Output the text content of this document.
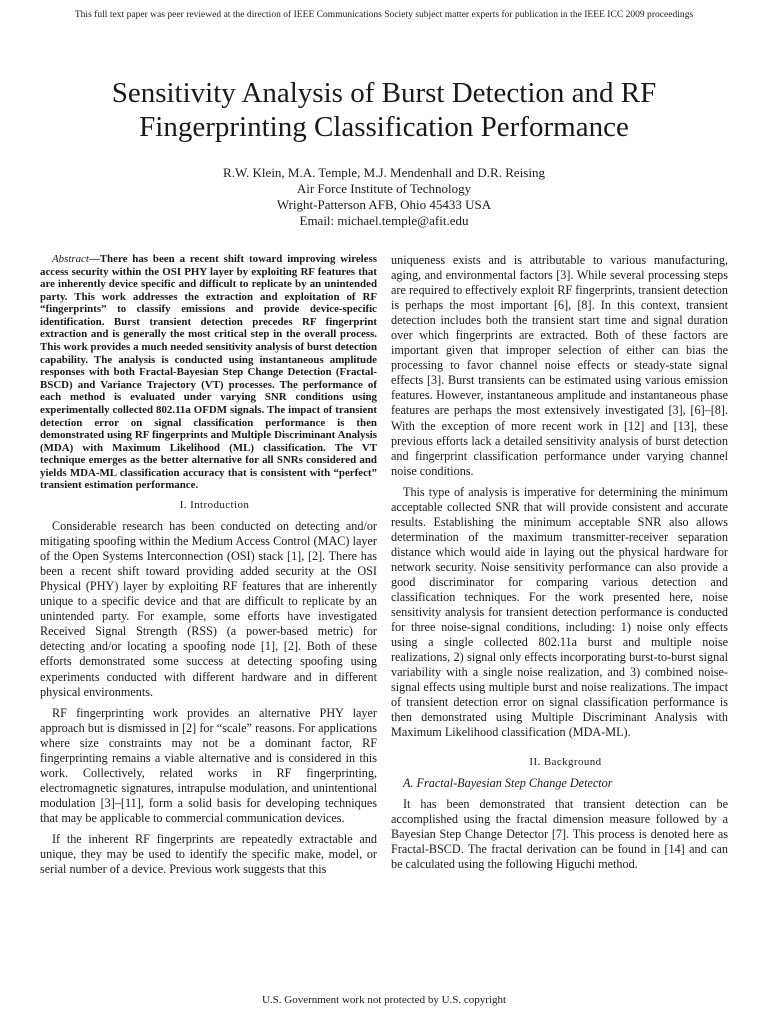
This full text paper was peer reviewed at the direction of IEEE Communications Society subject matter experts for publication in the IEEE ICC 2009 proceedings
Sensitivity Analysis of Burst Detection and RF Fingerprinting Classification Performance
R.W. Klein, M.A. Temple, M.J. Mendenhall and D.R. Reising
Air Force Institute of Technology
Wright-Patterson AFB, Ohio 45433 USA
Email: michael.temple@afit.edu

Abstract—There has been a recent shift toward improving wireless access security within the OSI PHY layer by exploiting RF features that are inherently device specific and difficult to replicate by an unintended party. This work addresses the extraction and exploitation of RF “fingerprints” to classify emissions and provide device-specific identification. Burst transient detection precedes RF fingerprint extraction and is generally the most critical step in the overall process. This work provides a much needed sensitivity analysis of burst detection capability. The analysis is conducted using instantaneous amplitude responses with both Fractal-Bayesian Step Change Detection (Fractal-BSCD) and Variance Trajectory (VT) processes. The performance of each method is evaluated under varying SNR conditions using experimentally collected 802.11a OFDM signals. The impact of transient detection error on signal classification performance is then demonstrated using RF fingerprints and Multiple Discriminant Analysis (MDA) with Maximum Likelihood (ML) classification. The VT technique emerges as the better alternative for all SNRs considered and yields MDA-ML classification accuracy that is consistent with “perfect” transient estimation performance.

I. Introduction

Considerable research has been conducted on detecting and/or mitigating spoofing within the Medium Access Control (MAC) layer of the Open Systems Interconnection (OSI) stack [1], [2]. There has been a recent shift toward providing added security at the OSI Physical (PHY) layer by exploiting RF features that are inherently unique to a specific device and that are difficult to replicate by an unintended party. For example, some efforts have investigated Received Signal Strength (RSS) (a power-based metric) for detecting and/or locating a spoofing node [1], [2]. Both of these efforts demonstrated some success at detecting spoofing using experiments conducted with different hardware and in different physical environments.

RF fingerprinting work provides an alternative PHY layer approach but is dismissed in [2] for “scale” reasons. For applications where size constraints may not be a dominant factor, RF fingerprinting remains a viable alternative and is considered in this work. Collectively, related works in RF fingerprinting, electromagnetic signatures, intrapulse modulation, and unintentional modulation [3]–[11], form a solid basis for developing techniques that may be applicable to commercial communication devices.

If the inherent RF fingerprints are repeatedly extractable and unique, they may be used to identify the specific make, model, or serial number of a device. Previous work suggests that this

uniqueness exists and is attributable to various manufacturing, aging, and environmental factors [3]. While several processing steps are required to effectively exploit RF fingerprints, transient detection is perhaps the most important [6], [8]. In this context, transient detection includes both the transient start time and signal duration over which fingerprints are extracted. Both of these factors are important given that improper selection of either can bias the processing to favor channel noise effects or steady-state signal effects [3]. Burst transients can be estimated using various emission features. However, instantaneous amplitude and instantaneous phase features are perhaps the most extensively investigated [3], [6]–[8]. With the exception of more recent work in [12] and [13], these previous efforts lack a detailed sensitivity analysis of burst detection and fingerprint classification performance under varying channel noise conditions.

This type of analysis is imperative for determining the minimum acceptable collected SNR that will provide consistent and accurate results. Establishing the minimum acceptable SNR also allows determination of the maximum transmitter-receiver separation distance which would aide in laying out the physical hardware for network security. Noise sensitivity performance can also provide a good discriminator for comparing various detection and classification techniques. For the work presented here, noise sensitivity analysis for transient detection performance is conducted for three noise-signal conditions, including: 1) noise only effects using a single collected 802.11a burst and multiple noise realizations, 2) signal only effects incorporating burst-to-burst signal variability with a single noise realization, and 3) combined noise-signal effects using multiple burst and noise realizations. The impact of transient detection error on signal classification performance is then demonstrated using Multiple Discriminant Analysis with Maximum Likelihood classification (MDA-ML).

II. Background

A. Fractal-Bayesian Step Change Detector

It has been demonstrated that transient detection can be accomplished using the fractal dimension measure followed by a Bayesian Step Change Detector [7]. This process is denoted here as Fractal-BSCD. The fractal derivation can be found in [14] and can be calculated using the following Higuchi method.

U.S. Government work not protected by U.S. copyright
